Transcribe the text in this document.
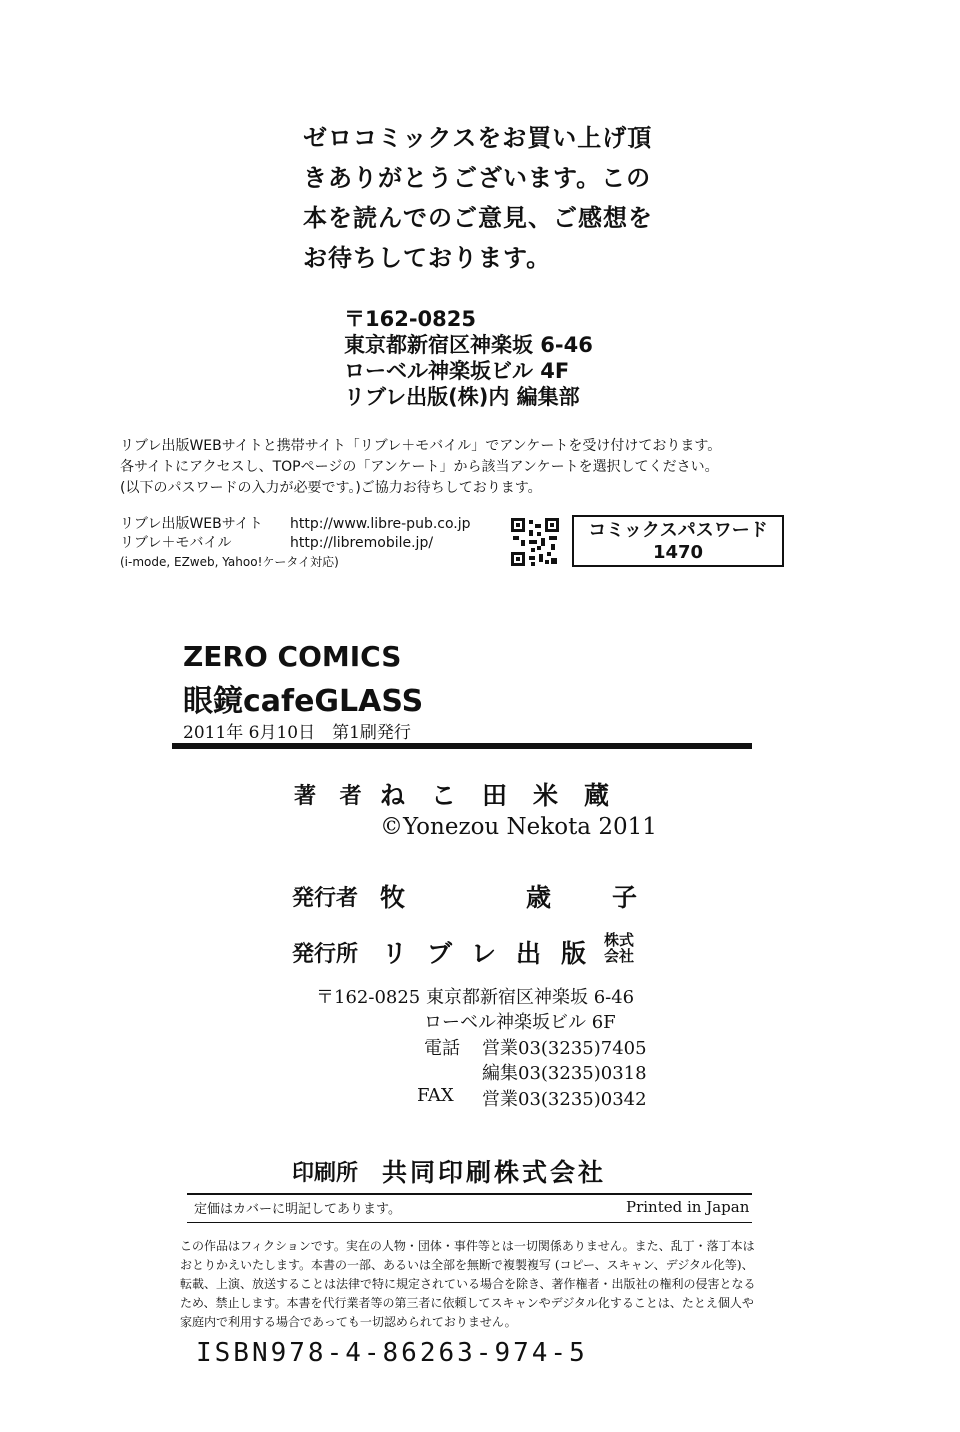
ゼロコミックスをお買い上げ頂
きありがとうございます。この
本を読んでのご意見、ご感想を
お待ちしております。
〒162-0825
東京都新宿区神楽坂 6-46
ローベル神楽坂ビル 4F
リブレ出版(株)内 編集部
リブレ出版WEBサイトと携帯サイト「リブレ＋モバイル」でアンケートを受け付けております。
各サイトにアクセスし、TOPページの「アンケート」から該当アンケートを選択してください。
(以下のパスワードの入力が必要です。)ご協力お待ちしております。
リブレ出版WEBサイト http://www.libre-pub.co.jp
リブレ＋モバイル	http://libremobile.jp/
(i-mode, EZweb, Yahoo!ケータイ対応)
コミックスパスワード
1470
ZERO COMICS
眼鏡cafeGLASS
2011年 6月10日　第1刷発行
著 者 ねこ田米蔵
©Yonezou Nekota 2011
発行者 牧	歳 子
発行所 リブレ出版
株式
会社
〒162-0825 東京都新宿区神楽坂 6-46
ローベル神楽坂ビル 6F
電話 営業03(3235)7405
編集03(3235)0318
FAX 営業03(3235)0342
印刷所 共同印刷株式会社
定価はカバーに明記してあります。	Printed in Japan
この作品はフィクションです。実在の人物・団体・事件等とは一切関係ありません。また、乱丁・落丁本は
おとりかえいたします。本書の一部、あるいは全部を無断で複製複写 (コピー、スキャン、デジタル化等)、
転載、上演、放送することは法律で特に規定されている場合を除き、著作権者・出版社の権利の侵害となる
ため、禁止します。本書を代行業者等の第三者に依頼してスキャンやデジタル化することは、たとえ個人や
家庭内で利用する場合であっても一切認められておりません。
ISBN978-4-86263-974-5
